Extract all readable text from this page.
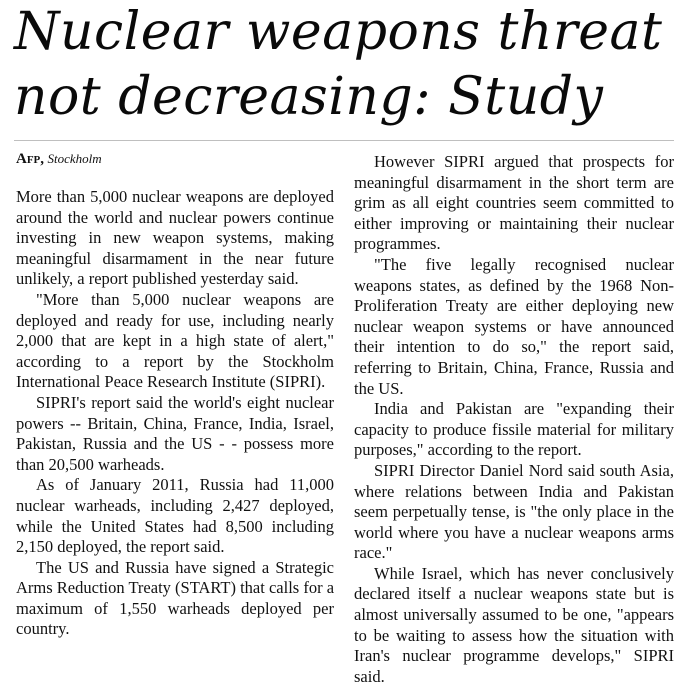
Nuclear weapons threat not decreasing: Study
Afp, Stockholm

More than 5,000 nuclear weapons are deployed around the world and nuclear powers continue investing in new weapon systems, making meaningful disarmament in the near future unlikely, a report published yesterday said.

"More than 5,000 nuclear weapons are deployed and ready for use, including nearly 2,000 that are kept in a high state of alert," according to a report by the Stockholm International Peace Research Institute (SIPRI).

SIPRI's report said the world's eight nuclear powers -- Britain, China, France, India, Israel, Pakistan, Russia and the US - - possess more than 20,500 warheads.

As of January 2011, Russia had 11,000 nuclear warheads, including 2,427 deployed, while the United States had 8,500 including 2,150 deployed, the report said.

The US and Russia have signed a Strategic Arms Reduction Treaty (START) that calls for a maximum of 1,550 warheads deployed per country.

However SIPRI argued that prospects for meaningful disarmament in the short term are grim as all eight countries seem committed to either improving or maintaining their nuclear programmes.

"The five legally recognised nuclear weapons states, as defined by the 1968 Non-Proliferation Treaty are either deploying new nuclear weapon systems or have announced their intention to do so," the report said, referring to Britain, China, France, Russia and the US.

India and Pakistan are "expanding their capacity to produce fissile material for military purposes," according to the report.

SIPRI Director Daniel Nord said south Asia, where relations between India and Pakistan seem perpetually tense, is "the only place in the world where you have a nuclear weapons arms race."

While Israel, which has never conclusively declared itself a nuclear weapons state but is almost universally assumed to be one, "appears to be waiting to assess how the situation with Iran's nuclear programme develops," SIPRI said.
